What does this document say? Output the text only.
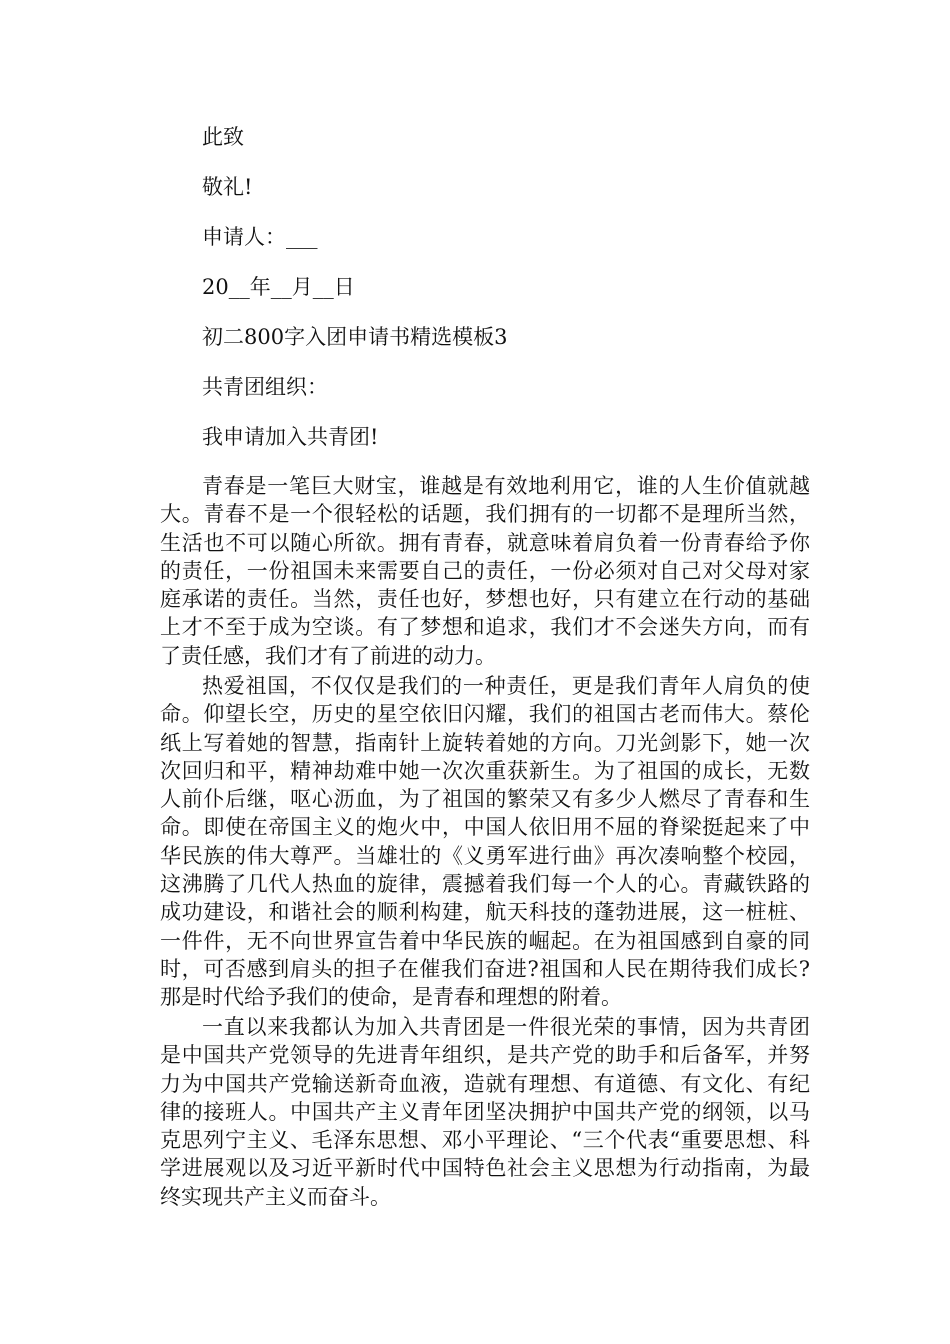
此致

敬礼!

申请人：___

20__年__月__日

初二800字入团申请书精选模板3

共青团组织：

我申请加入共青团!

青春是一笔巨大财宝，谁越是有效地利用它，谁的人生价值就越大。青春不是一个很轻松的话题，我们拥有的一切都不是理所当然，生活也不可以随心所欲。拥有青春，就意味着肩负着一份青春给予你的责任，一份祖国未来需要自己的责任，一份必须对自己对父母对家庭承诺的责任。当然，责任也好，梦想也好，只有建立在行动的基础上才不至于成为空谈。有了梦想和追求，我们才不会迷失方向，而有了责任感，我们才有了前进的动力。

热爱祖国，不仅仅是我们的一种责任，更是我们青年人肩负的使命。仰望长空，历史的星空依旧闪耀，我们的祖国古老而伟大。蔡伦纸上写着她的智慧，指南针上旋转着她的方向。刀光剑影下，她一次次回归和平，精神劫难中她一次次重获新生。为了祖国的成长，无数人前仆后继，呕心沥血，为了祖国的繁荣又有多少人燃尽了青春和生命。即使在帝国主义的炮火中，中国人依旧用不屈的脊梁挺起来了中华民族的伟大尊严。当雄壮的《义勇军进行曲》再次凑响整个校园，这沸腾了几代人热血的旋律，震撼着我们每一个人的心。青藏铁路的成功建设，和谐社会的顺利构建，航天科技的蓬勃进展，这一桩桩、一件件，无不向世界宣告着中华民族的崛起。在为祖国感到自豪的同时，可否感到肩头的担子在催我们奋进?祖国和人民在期待我们成长?那是时代给予我们的使命，是青春和理想的附着。

一直以来我都认为加入共青团是一件很光荣的事情，因为共青团是中国共产党领导的先进青年组织，是共产党的助手和后备军，并努力为中国共产党输送新奇血液，造就有理想、有道德、有文化、有纪律的接班人。中国共产主义青年团坚决拥护中国共产党的纲领，以马克思列宁主义、毛泽东思想、邓小平理论、“三个代表“重要思想、科学进展观以及习近平新时代中国特色社会主义思想为行动指南，为最终实现共产主义而奋斗。
